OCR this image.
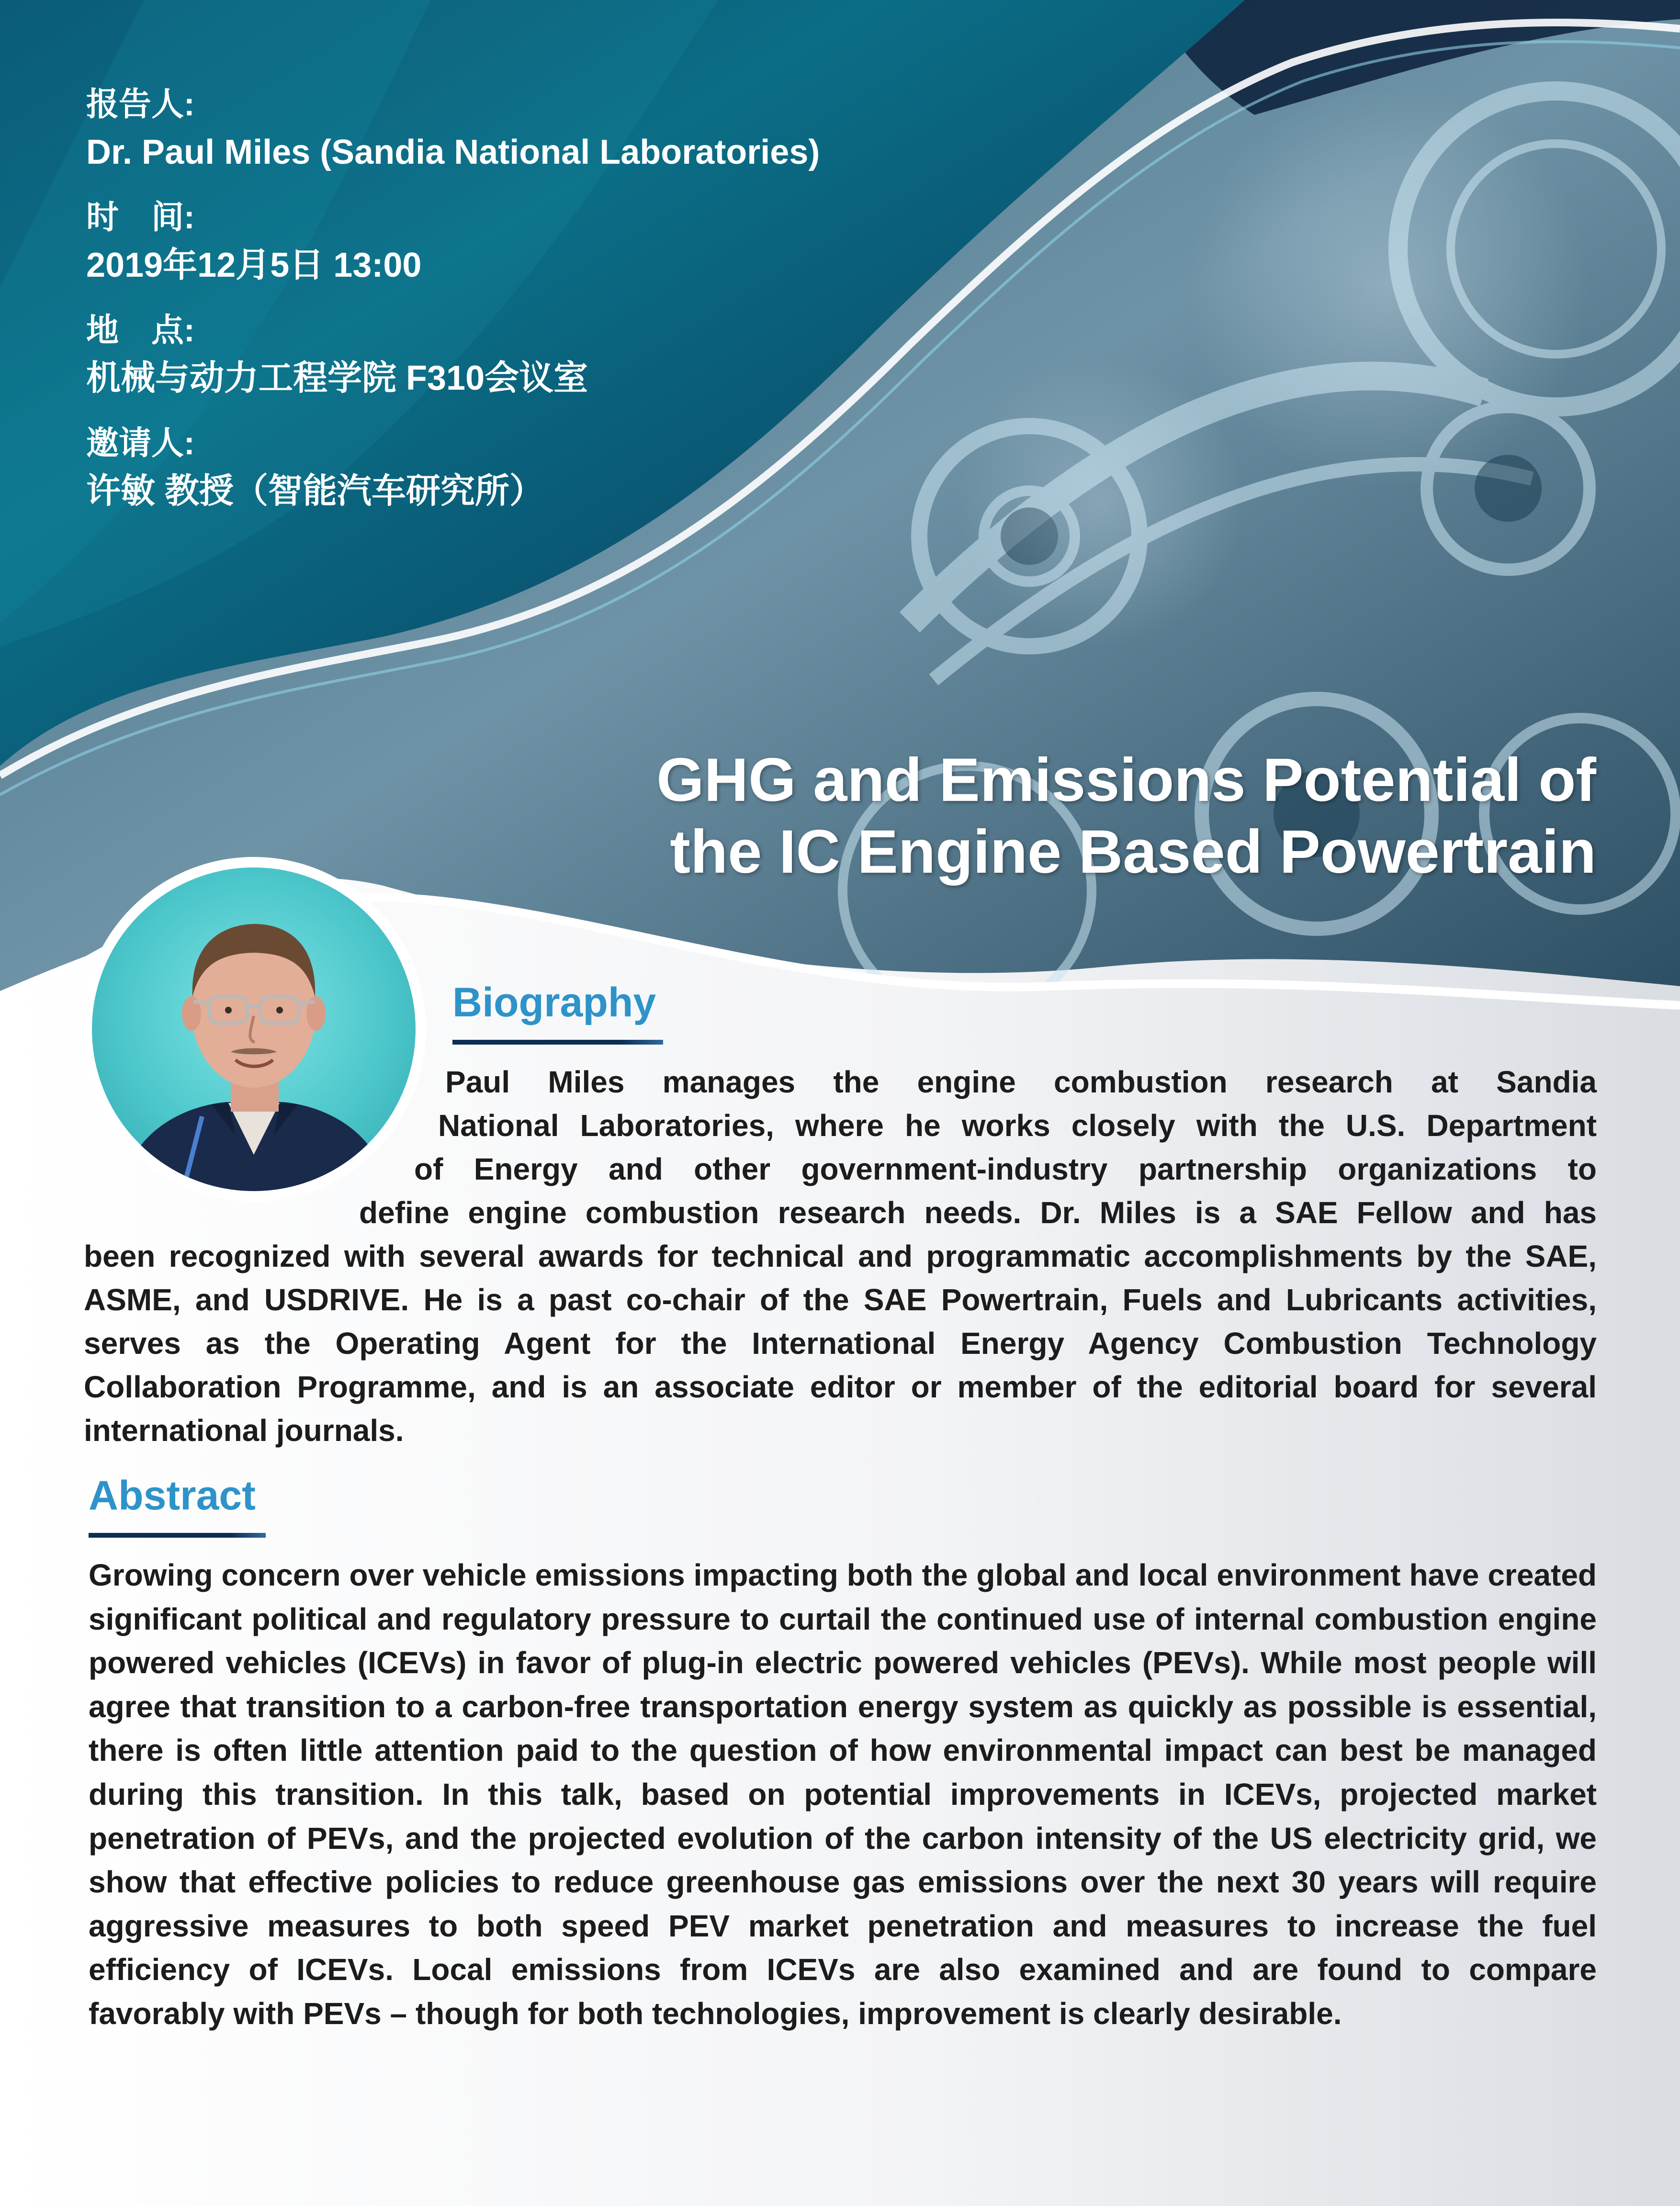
报告人:
Dr. Paul Miles (Sandia National Laboratories)
时　间:
2019年12月5日 13:00
地　点:
机械与动力工程学院 F310会议室
邀请人:
许敏 教授（智能汽车研究所）
GHG and Emissions Potential of
the IC Engine Based Powertrain
Biography
Paul Miles manages the engine combustion research at Sandia
National Laboratories, where he works closely with the U.S. Department
of Energy and other government-industry partnership organizations to
define engine combustion research needs. Dr. Miles is a SAE Fellow and has
been recognized with several awards for technical and programmatic accomplishments by the SAE, ASME, and USDRIVE. He is a past co-chair of the SAE Powertrain, Fuels and Lubricants activities, serves as the Operating Agent for the International Energy Agency Combustion Technology Collaboration Programme, and is an associate editor or member of the editorial board for several international journals.
Abstract
Growing concern over vehicle emissions impacting both the global and local environment have created significant political and regulatory pressure to curtail the continued use of internal combustion engine powered vehicles (ICEVs) in favor of plug-in electric powered vehicles (PEVs). While most people will agree that transition to a carbon-free transportation energy system as quickly as possible is essential, there is often little attention paid to the question of how environmental impact can best be managed during this transition. In this talk, based on potential improvements in ICEVs, projected market penetration of PEVs, and the projected evolution of the carbon intensity of the US electricity grid, we show that effective policies to reduce greenhouse gas emissions over the next 30 years will require aggressive measures to both speed PEV market penetration and measures to increase the fuel efficiency of ICEVs. Local emissions from ICEVs are also examined and are found to compare favorably with PEVs – though for both technologies, improvement is clearly desirable.
